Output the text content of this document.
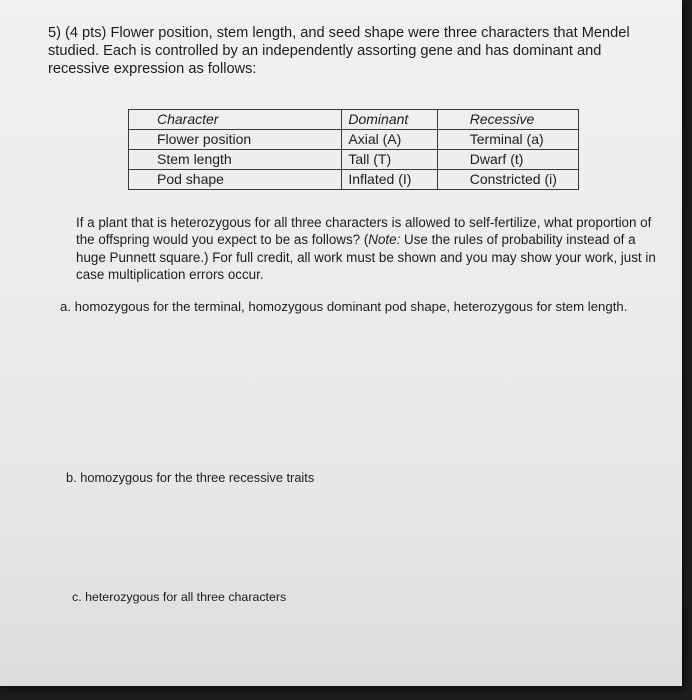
5) (4 pts) Flower position, stem length, and seed shape were three characters that Mendel studied. Each is controlled by an independently assorting gene and has dominant and recessive expression as follows:

Character	Dominant	Recessive
Flower position	Axial (A)	Terminal (a)
Stem length	Tall (T)	Dwarf (t)
Pod shape	Inflated (I)	Constricted (i)

If a plant that is heterozygous for all three characters is allowed to self-fertilize, what proportion of the offspring would you expect to be as follows? (Note: Use the rules of probability instead of a huge Punnett square.) For full credit, all work must be shown and you may show your work, just in case multiplication errors occur.

a. homozygous for the terminal, homozygous dominant pod shape, heterozygous for stem length.

b. homozygous for the three recessive traits

c. heterozygous for all three characters
